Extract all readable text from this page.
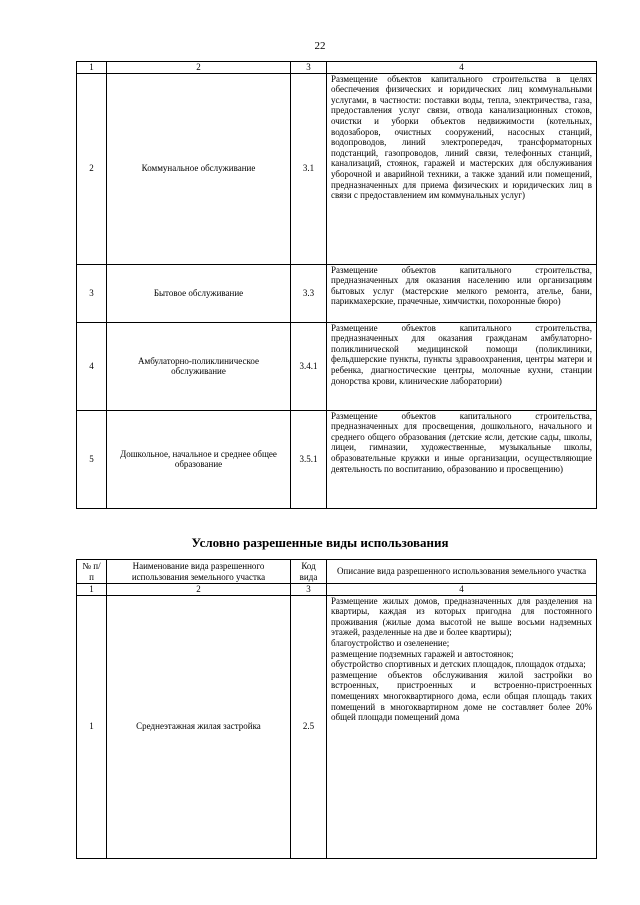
22
1	2	3	4
2	Коммунальное обслуживание	3.1	Размещение объектов капитального строительства в целях обеспечения физических и юридических лиц коммунальными услугами, в частности: поставки воды, тепла, электричества, газа, предоставления услуг связи, отвода канализационных стоков, очистки и уборки объектов недвижимости (котельных, водозаборов, очистных сооружений, насосных станций, водопроводов, линий электропередач, трансформаторных подстанций, газопроводов, линий связи, телефонных станций, канализаций, стоянок, гаражей и мастерских для обслуживания уборочной и аварийной техники, а также зданий или помещений, предназначенных для приема физических и юридических лиц в связи с предоставлением им коммунальных услуг)
3	Бытовое обслуживание	3.3	Размещение объектов капитального строительства, предназначенных для оказания населению или организациям бытовых услуг (мастерские мелкого ремонта, ателье, бани, парикмахерские, прачечные, химчистки, похоронные бюро)
4	Амбулаторно-поликлиническое обслуживание	3.4.1	Размещение объектов капитального строительства, предназначенных для оказания гражданам амбулаторно-поликлинической медицинской помощи (поликлиники, фельдшерские пункты, пункты здравоохранения, центры матери и ребенка, диагностические центры, молочные кухни, станции донорства крови, клинические лаборатории)
5	Дошкольное, начальное и среднее общее образование	3.5.1	Размещение объектов капитального строительства, предназначенных для просвещения, дошкольного, начального и среднего общего образования (детские ясли, детские сады, школы, лицеи, гимназии, художественные, музыкальные школы, образовательные кружки и иные организации, осуществляющие деятельность по воспитанию, образованию и просвещению)
Условно разрешенные виды использования
№ п/п	Наименование вида разрешенного использования земельного участка	Код вида	Описание вида разрешенного использования земельного участка
1	2	3	4
1	Среднеэтажная жилая застройка	2.5	Размещение жилых домов, предназначенных для разделения на квартиры, каждая из которых пригодна для постоянного проживания (жилые дома высотой не выше восьми надземных этажей, разделенные на две и более квартиры);
благоустройство и озеленение;
размещение подземных гаражей и автостоянок;
обустройство спортивных и детских площадок, площадок отдыха;
размещение объектов обслуживания жилой застройки во встроенных, пристроенных и встроенно-пристроенных помещениях многоквартирного дома, если общая площадь таких помещений в многоквартирном доме не составляет более 20% общей площади помещений дома
